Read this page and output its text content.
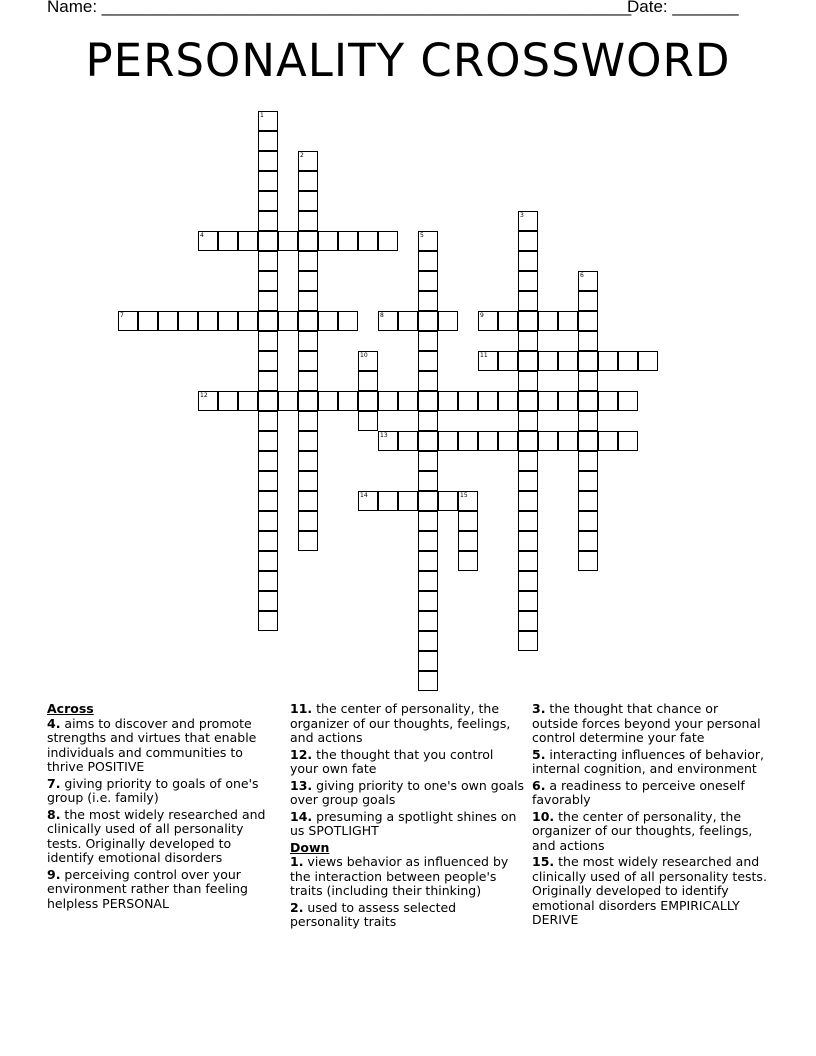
Name: ________________________________________________________
Date: _______
PERSONALITY CROSSWORD
1
2
3
4	5
6
7	8	9
10	11
12
13
14	15
Across
4. aims to discover and promote strengths and virtues that enable individuals and communities to thrive POSITIVE
7. giving priority to goals of one's group (i.e. family)
8. the most widely researched and clinically used of all personality tests. Originally developed to identify emotional disorders
9. perceiving control over your environment rather than feeling helpless PERSONAL
11. the center of personality, the organizer of our thoughts, feelings, and actions
12. the thought that you control your own fate
13. giving priority to one's own goals over group goals
14. presuming a spotlight shines on us SPOTLIGHT
Down
1. views behavior as influenced by the interaction between people's traits (including their thinking)
2. used to assess selected personality traits
3. the thought that chance or outside forces beyond your personal control determine your fate
5. interacting influences of behavior, internal cognition, and environment
6. a readiness to perceive oneself favorably
10. the center of personality, the organizer of our thoughts, feelings, and actions
15. the most widely researched and clinically used of all personality tests. Originally developed to identify emotional disorders EMPIRICALLY DERIVE
